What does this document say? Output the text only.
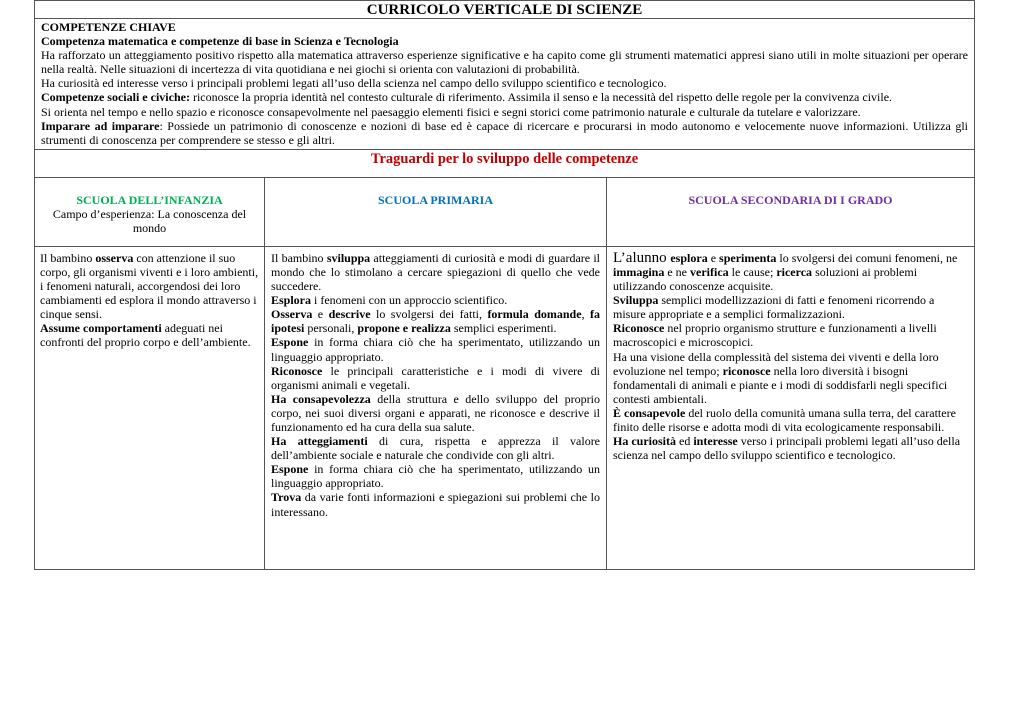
CURRICOLO VERTICALE DI SCIENZE

COMPETENZE CHIAVE

Competenza matematica e competenze di base in Scienza e Tecnologia

Ha rafforzato un atteggiamento positivo rispetto alla matematica attraverso esperienze significative e ha capito come gli strumenti matematici appresi siano utili in molte situazioni per operare nella realtà. Nelle situazioni di incertezza di vita quotidiana e nei giochi si orienta con valutazioni di probabilità.

Ha curiosità ed interesse verso i principali problemi legati all’uso della scienza nel campo dello sviluppo scientifico e tecnologico.

Competenze sociali e civiche: riconosce la propria identità nel contesto culturale di riferimento. Assimila il senso e la necessità del rispetto delle regole per la convivenza civile.

Si orienta nel tempo e nello spazio e riconosce consapevolmente nel paesaggio elementi fisici e segni storici come patrimonio naturale e culturale da tutelare e valorizzare.

Imparare ad imparare: Possiede un patrimonio di conoscenze e nozioni di base ed è capace di ricercare e procurarsi in modo autonomo e velocemente nuove informazioni. Utilizza gli strumenti di conoscenza per comprendere se stesso e gli altri.

Traguardi per lo sviluppo delle competenze
SCUOLA DELL’INFANZIA
Campo d’esperienza: La conoscenza del mondo
SCUOLA PRIMARIA	SCUOLA SECONDARIA DI I GRADO

Il bambino osserva con attenzione il suo corpo, gli organismi viventi e i loro ambienti, i fenomeni naturali, accorgendosi dei loro cambiamenti ed esplora il mondo attraverso i cinque sensi.

Assume comportamenti adeguati nei confronti del proprio corpo e dell’ambiente.

Il bambino sviluppa atteggiamenti di curiosità e modi di guardare il mondo che lo stimolano a cercare spiegazioni di quello che vede succedere.

Esplora i fenomeni con un approccio scientifico.

Osserva e descrive lo svolgersi dei fatti, formula domande, fa ipotesi personali, propone e realizza semplici esperimenti.

Espone in forma chiara ciò che ha sperimentato, utilizzando un linguaggio appropriato.

Riconosce le principali caratteristiche e i modi di vivere di organismi animali e vegetali.

Ha consapevolezza della struttura e dello sviluppo del proprio corpo, nei suoi diversi organi e apparati, ne riconosce e descrive il funzionamento ed ha cura della sua salute.

Ha atteggiamenti di cura, rispetta e apprezza il valore dell’ambiente sociale e naturale che condivide con gli altri.

Espone in forma chiara ciò che ha sperimentato, utilizzando un linguaggio appropriato.

Trova da varie fonti informazioni e spiegazioni sui problemi che lo interessano.

L’alunno esplora e sperimenta lo svolgersi dei comuni fenomeni, ne immagina e ne verifica le cause; ricerca soluzioni ai problemi utilizzando conoscenze acquisite.

Sviluppa semplici modellizzazioni di fatti e fenomeni ricorrendo a misure appropriate e a semplici formalizzazioni.

Riconosce nel proprio organismo strutture e funzionamenti a livelli macroscopici e microscopici.

Ha una visione della complessità del sistema dei viventi e della loro evoluzione nel tempo; riconosce nella loro diversità i bisogni fondamentali di animali e piante e i modi di soddisfarli negli specifici contesti ambientali.

È consapevole del ruolo della comunità umana sulla terra, del carattere finito delle risorse e adotta modi di vita ecologicamente responsabili.

Ha curiosità ed interesse verso i principali problemi legati all’uso della scienza nel campo dello sviluppo scientifico e tecnologico.
